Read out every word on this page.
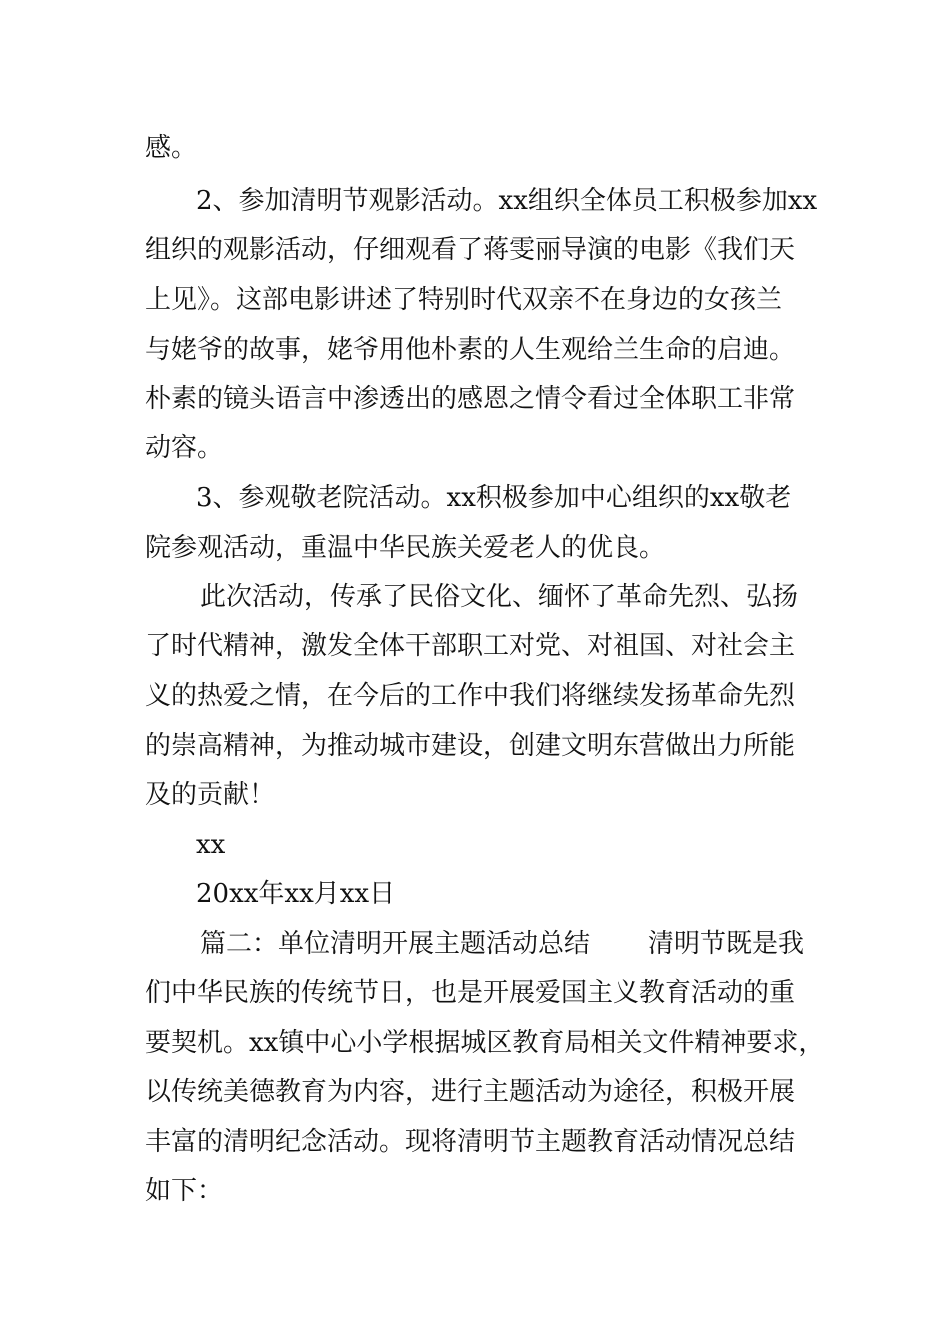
感。
2、参加清明节观影活动。xx组织全体员工积极参加xx
组织的观影活动，仔细观看了蒋雯丽导演的电影《我们天
上见》。这部电影讲述了特别时代双亲不在身边的女孩兰
与姥爷的故事，姥爷用他朴素的人生观给兰生命的启迪。
朴素的镜头语言中渗透出的感恩之情令看过全体职工非常
动容。
3、参观敬老院活动。xx积极参加中心组织的xx敬老
院参观活动，重温中华民族关爱老人的优良。
此次活动，传承了民俗文化、缅怀了革命先烈、弘扬
了时代精神，激发全体干部职工对党、对祖国、对社会主
义的热爱之情，在今后的工作中我们将继续发扬革命先烈
的崇高精神，为推动城市建设，创建文明东营做出力所能
及的贡献！
xx
20xx年xx月xx日
篇二：单位清明开展主题活动总结 清明节既是我
们中华民族的传统节日，也是开展爱国主义教育活动的重
要契机。xx镇中心小学根据城区教育局相关文件精神要求，
以传统美德教育为内容，进行主题活动为途径，积极开展
丰富的清明纪念活动。现将清明节主题教育活动情况总结
如下：
